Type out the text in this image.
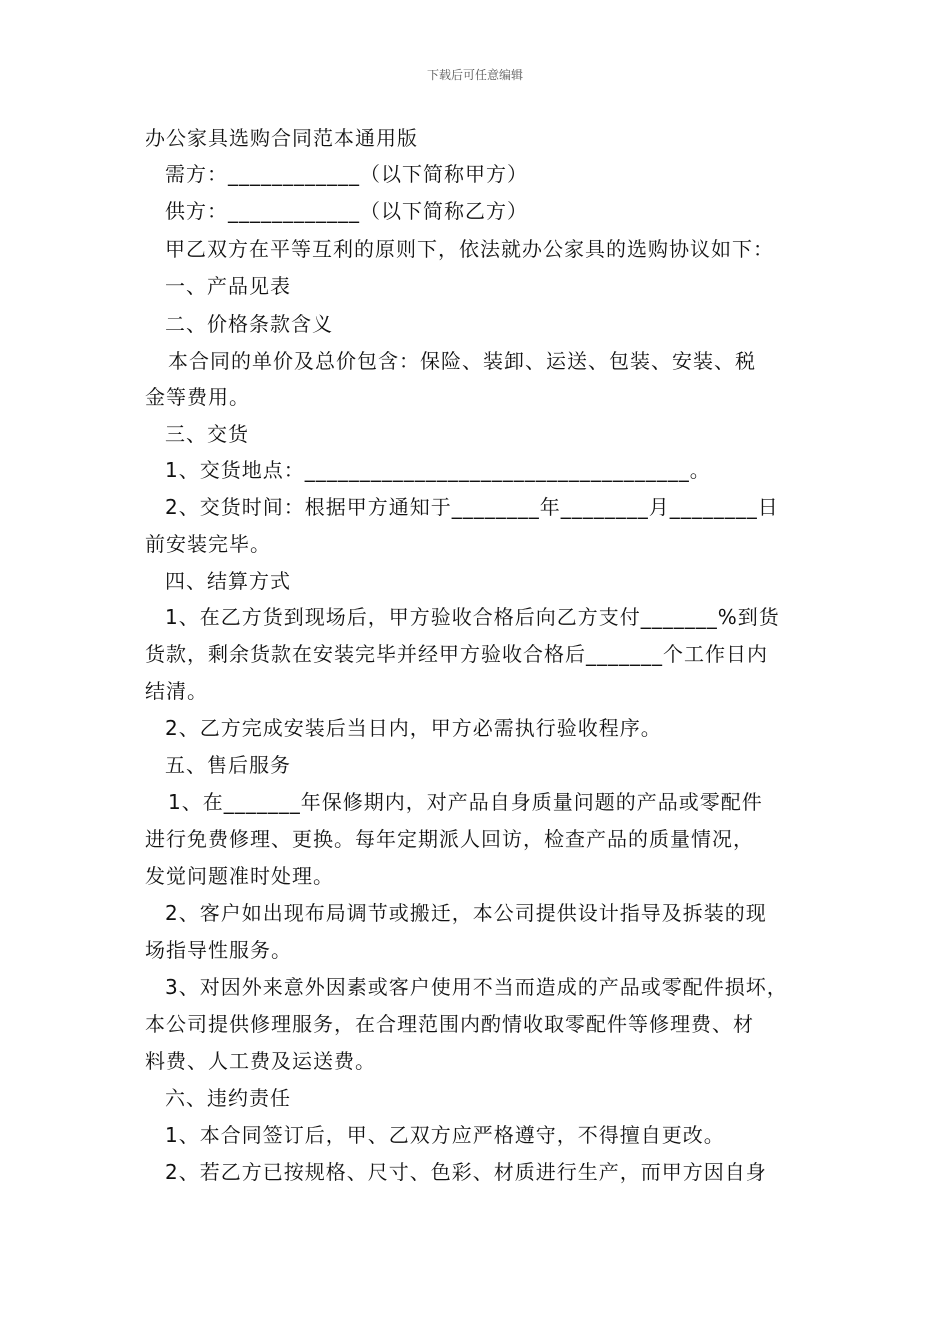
下载后可任意编辑
办公家具选购合同范本通用版
需方：____________（以下简称甲方）
供方：____________（以下简称乙方）
甲乙双方在平等互利的原则下，依法就办公家具的选购协议如下：
一、产品见表
二、价格条款含义
本合同的单价及总价包含：保险、装卸、运送、包装、安装、税
金等费用。
三、交货
1、交货地点：___________________________________。
2、交货时间：根据甲方通知于________年________月________日
前安装完毕。
四、结算方式
1、在乙方货到现场后，甲方验收合格后向乙方支付_______%到货
货款，剩余货款在安装完毕并经甲方验收合格后_______个工作日内
结清。
2、乙方完成安装后当日内，甲方必需执行验收程序。
五、售后服务
1、在_______年保修期内，对产品自身质量问题的产品或零配件
进行免费修理、更换。每年定期派人回访，检查产品的质量情况，
发觉问题准时处理。
2、客户如出现布局调节或搬迁，本公司提供设计指导及拆装的现
场指导性服务。
3、对因外来意外因素或客户使用不当而造成的产品或零配件损坏，
本公司提供修理服务，在合理范围内酌情收取零配件等修理费、材
料费、人工费及运送费。
六、违约责任
1、本合同签订后，甲、乙双方应严格遵守，不得擅自更改。
2、若乙方已按规格、尺寸、色彩、材质进行生产，而甲方因自身
